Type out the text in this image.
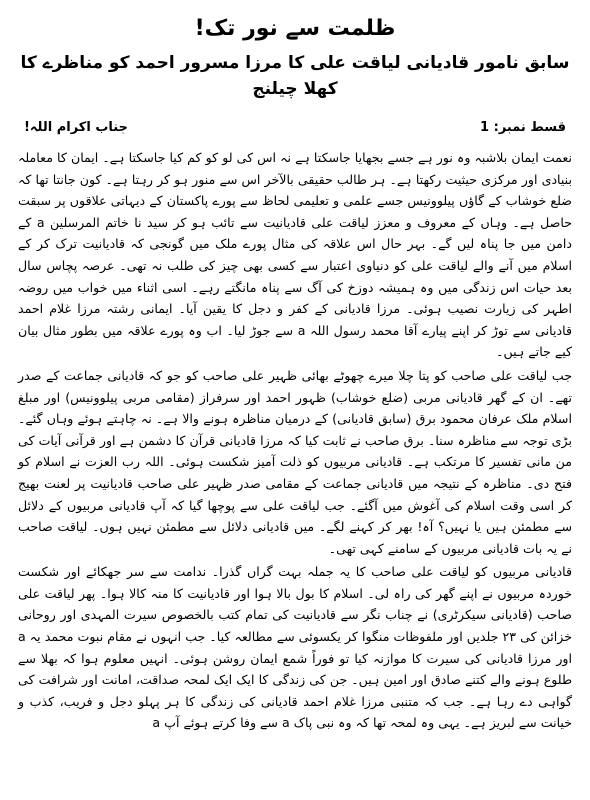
ظلمت سے نور تک!
سابق نامور قادیانی لیاقت علی کا مرزا مسرور احمد کو مناظرے کا کھلا چیلنج
قسط نمبر: 1
جناب اکرام اللہ!

نعمت ایمان بلاشبہ وہ نور ہے جسے بجھایا جاسکتا ہے نہ اس کی لو کو کم کیا جاسکتا ہے۔ ایمان کا معاملہ بنیادی اور مرکزی حیثیت رکھتا ہے۔ ہر طالب حقیقی بالآخر اس سے منور ہو کر رہتا ہے۔ کون جانتا تھا کہ ضلع خوشاب کے گاؤں پیلوونیس جسے علمی و تعلیمی لحاظ سے پورے پاکستان کے دیہاتی علاقوں پر سبقت حاصل ہے۔ وہاں کے معروف و معزز لیاقت علی قادیانیت سے تائب ہو کر سید نا خاتم المرسلین a کے دامن میں جا پناہ لیں گے۔ بہر حال اس علاقہ کی مثال پورے ملک میں گونجی کہ قادیانیت ترک کر کے اسلام میں آنے والے لیاقت علی کو دنیاوی اعتبار سے کسی بھی چیز کی طلب نہ تھی۔ عرصہ پچاس سال بعد حیات اس زندگی میں وہ ہمیشہ دوزخ کی آگ سے پناہ مانگتے رہے۔ اسی اثناء میں خواب میں روضہ اطہر کی زیارت نصیب ہوئی۔ مرزا قادیانی کے کفر و دجل کا یقین آیا۔ ایمانی رشتہ مرزا غلام احمد قادیانی سے توڑ کر اپنے پیارے آقا محمد رسول اللہ a سے جوڑ لیا۔ اب وہ پورے علاقہ میں بطور مثال بیان کیے جاتے ہیں۔

جب لیاقت علی صاحب کو پتا چلا میرے چھوٹے بھائی ظہیر علی صاحب کو جو کہ قادیانی جماعت کے صدر تھے۔ ان کے گھر قادیانی مربی (ضلع خوشاب) ظہور احمد اور سرفراز (مقامی مربی پیلوونیس) اور مبلغ اسلام ملک عرفان محمود برق (سابق قادیانی) کے درمیان مناظرہ ہونے والا ہے۔ نہ چاہتے ہوئے وہاں گئے۔ بڑی توجہ سے مناظرہ سنا۔ برق صاحب نے ثابت کیا کہ مرزا قادیانی قرآن کا دشمن ہے اور قرآنی آیات کی من مانی تفسیر کا مرتکب ہے۔ قادیانی مربیوں کو ذلت آمیز شکست ہوئی۔ اللہ رب العزت نے اسلام کو فتح دی۔ مناظرہ کے نتیجہ میں قادیانی جماعت کے مقامی صدر ظہیر علی صاحب قادیانیت پر لعنت بھیج کر اسی وقت اسلام کی آغوش میں آگئے۔ جب لیاقت علی سے پوچھا گیا کہ آپ قادیانی مربیوں کے دلائل سے مطمئن ہیں یا نہیں؟ آہ! بھر کر کہنے لگے۔ میں قادیانی دلائل سے مطمئن نہیں ہوں۔ لیاقت صاحب نے یہ بات قادیانی مربیوں کے سامنے کہی تھی۔

قادیانی مربیوں کو لیاقت علی صاحب کا یہ جملہ بہت گراں گذرا۔ ندامت سے سر جھکائے اور شکست خوردہ مربیوں نے اپنے گھر کی راہ لی۔ اسلام کا بول بالا ہوا اور قادیانیت کا منہ کالا ہوا۔ پھر لیاقت علی صاحب (قادیانی سیکرٹری) نے چناب نگر سے قادیانیت کی تمام کتب بالخصوص سیرت المہدی اور روحانی خزائن کی ۲۳ جلدیں اور ملفوظات منگوا کر یکسوئی سے مطالعہ کیا۔ جب انہوں نے مقام نبوت محمد یہ a اور مرزا قادیانی کی سیرت کا موازنہ کیا تو فوراً شمع ایمان روشن ہوئی۔ انہیں معلوم ہوا کہ بھلا سے طلوع ہونے والے کتنے صادق اور امین ہیں۔ جن کی زندگی کا ایک ایک لمحہ صداقت، امانت اور شرافت کی گواہی دے رہا ہے۔ جب کہ متنبی مرزا غلام احمد قادیانی کی زندگی کا ہر پہلو دجل و فریب، کذب و خیانت سے لبریز ہے۔ یہی وہ لمحہ تھا کہ وہ نبی پاک a سے وفا کرتے ہوئے آپ a
